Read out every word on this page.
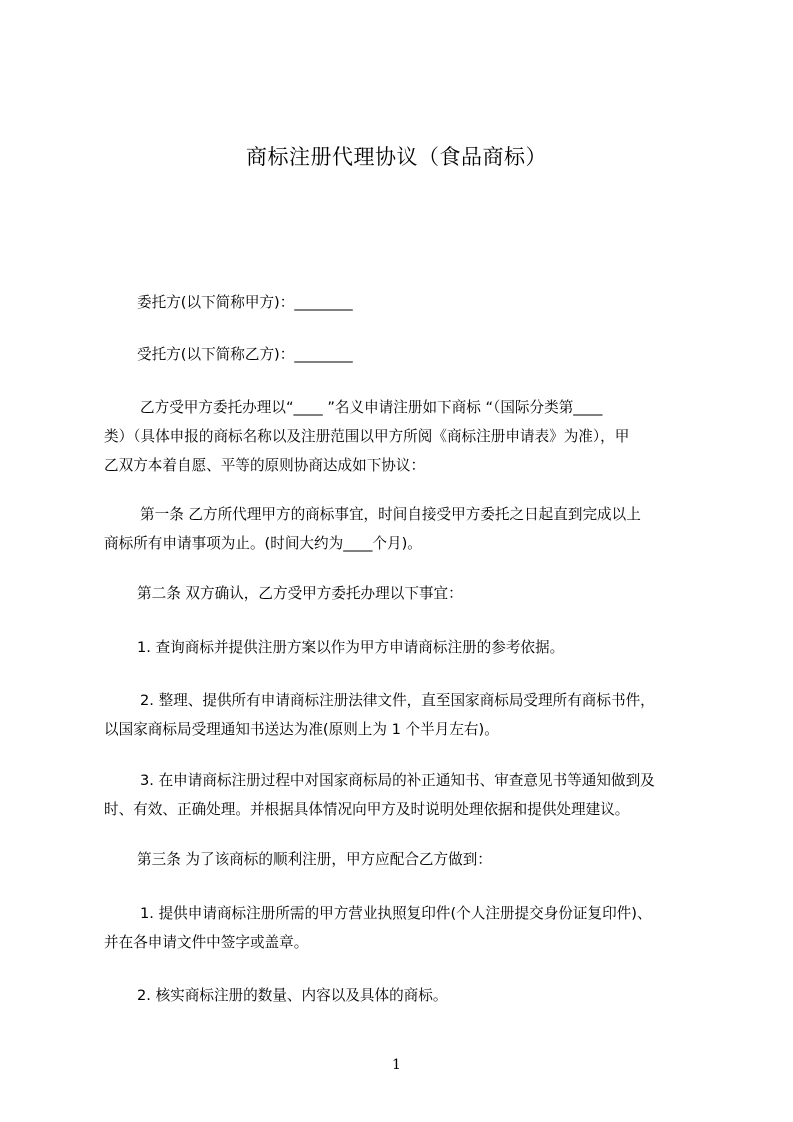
商标注册代理协议（食品商标）
委托方(以下简称甲方)：________
受托方(以下简称乙方)：________
乙方受甲方委托办理以“____ ”名义申请注册如下商标 “（国际分类第____
类）（具体申报的商标名称以及注册范围以甲方所阅《商标注册申请表》为准），甲
乙双方本着自愿、平等的原则协商达成如下协议：
第一条 乙方所代理甲方的商标事宜，时间自接受甲方委托之日起直到完成以上
商标所有申请事项为止。(时间大约为____个月)。
第二条 双方确认，乙方受甲方委托办理以下事宜：
1. 查询商标并提供注册方案以作为甲方申请商标注册的参考依据。
2. 整理、提供所有申请商标注册法律文件，直至国家商标局受理所有商标书件，
以国家商标局受理通知书送达为准(原则上为 1 个半月左右)。
3. 在申请商标注册过程中对国家商标局的补正通知书、审查意见书等通知做到及
时、有效、正确处理。并根据具体情况向甲方及时说明处理依据和提供处理建议。
第三条 为了该商标的顺利注册，甲方应配合乙方做到：
1. 提供申请商标注册所需的甲方营业执照复印件(个人注册提交身份证复印件)、
并在各申请文件中签字或盖章。
2. 核实商标注册的数量、内容以及具体的商标。
1
